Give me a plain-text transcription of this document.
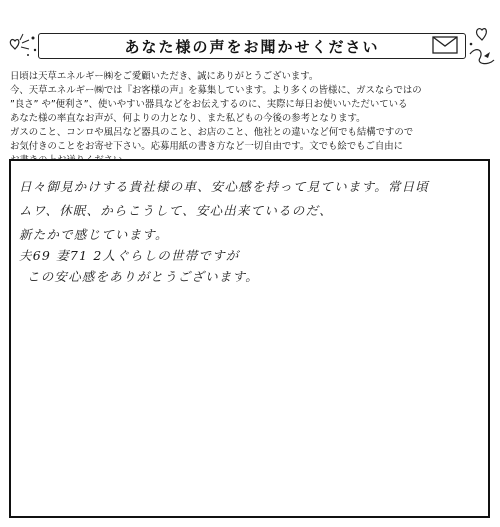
あなた様の声をお聞かせください
日頃は天草エネルギー㈱をご愛顧いただき、誠にありがとうございます。
今、天草エネルギー㈱では『お客様の声』を募集しています。より多くの皆様に、ガスならではの
”良さ” や”便利さ”、使いやすい器具などをお伝えするのに、実際に毎日お使いいただいている
あなた様の率直なお声が、何よりの力となり、また私どもの今後の参考となります。
ガスのこと、コンロや風呂など器具のこと、お店のこと、他社との違いなど何でも結構ですので
お気付きのことをお寄せ下さい。応募用紙の書き方など一切自由です。文でも絵でもご自由に
日々御見かけする貴社様の車、安心感を持って見ています。常日頃
ムワ、休眠、からこうして、安心出来ているのだ、
新たかで感じています。
夫69 妻71 2人ぐらしの世帯ですが
この安心感をありがとうございます。
